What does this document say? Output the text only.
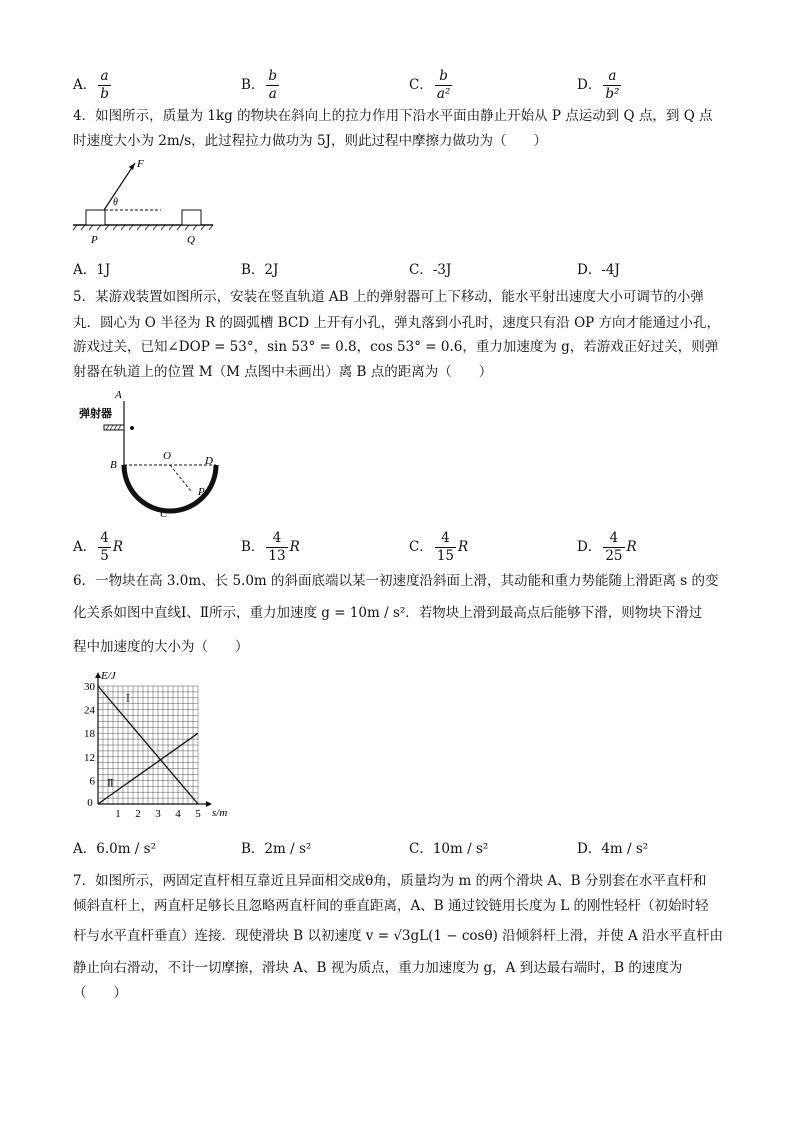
A． $\frac{a}{b}$	B． $\frac{b}{a}$	C． $\frac{b}{\text{a²}}$	D． $\frac{a}{\text{b²}}$
4．如图所示，质量为 1kg 的物块在斜向上的拉力作用下沿水平面由静止开始从 P 点运动到 Q 点，到 Q 点
时速度大小为 2m/s，此过程拉力做功为 5J，则此过程中摩擦力做功为（　　）
F
θ
P	Q
A．1J	B．2J	C．-3J	D．-4J
5．某游戏装置如图所示，安装在竖直轨道 AB 上的弹射器可上下移动，能水平射出速度大小可调节的小弹
丸．圆心为 O 半径为 R 的圆弧槽 BCD 上开有小孔，弹丸落到小孔时，速度只有沿 OP 方向才能通过小孔，
游戏过关，已知∠DOP = 53°，sin 53° = 0.8，cos 53° = 0.6，重力加速度为 g，若游戏正好过关，则弹
射器在轨道上的位置 M（M 点图中未画出）离 B 点的距离为（　　）
A
弹射器
O
B	D
P
C
A． $\frac{4}{5}$ R	B． $\frac{4}{13}$ R	C． $\frac{4}{15}$ R	D． $\frac{4}{25}$ R
6．一物块在高 3.0m、长 5.0m 的斜面底端以某一初速度沿斜面上滑，其动能和重力势能随上滑距离 s 的变
化关系如图中直线Ⅰ、Ⅱ所示，重力加速度 g = 10m / s²．若物块上滑到最高点后能够下滑，则物块下滑过
程中加速度的大小为（　　）
6
12
18
24
30
0
1 2 3 4 5
E/J
s/m
Ⅰ
Ⅱ
A．6.0m / s²	B．2m / s²	C．10m / s²	D．4m / s²
7．如图所示，两固定直杆相互靠近且异面相交成θ角，质量均为 m 的两个滑块 A、B 分别套在水平直杆和
倾斜直杆上，两直杆足够长且忽略两直杆间的垂直距离，A、B 通过铰链用长度为 L 的刚性轻杆（初始时轻
杆与水平直杆垂直）连接．现使滑块 B 以初速度 v = √3gL(1 − cosθ) 沿倾斜杆上滑，并使 A 沿水平直杆由
静止向右滑动，不计一切摩擦，滑块 A、B 视为质点，重力加速度为 g，A 到达最右端时，B 的速度为
（　　）
